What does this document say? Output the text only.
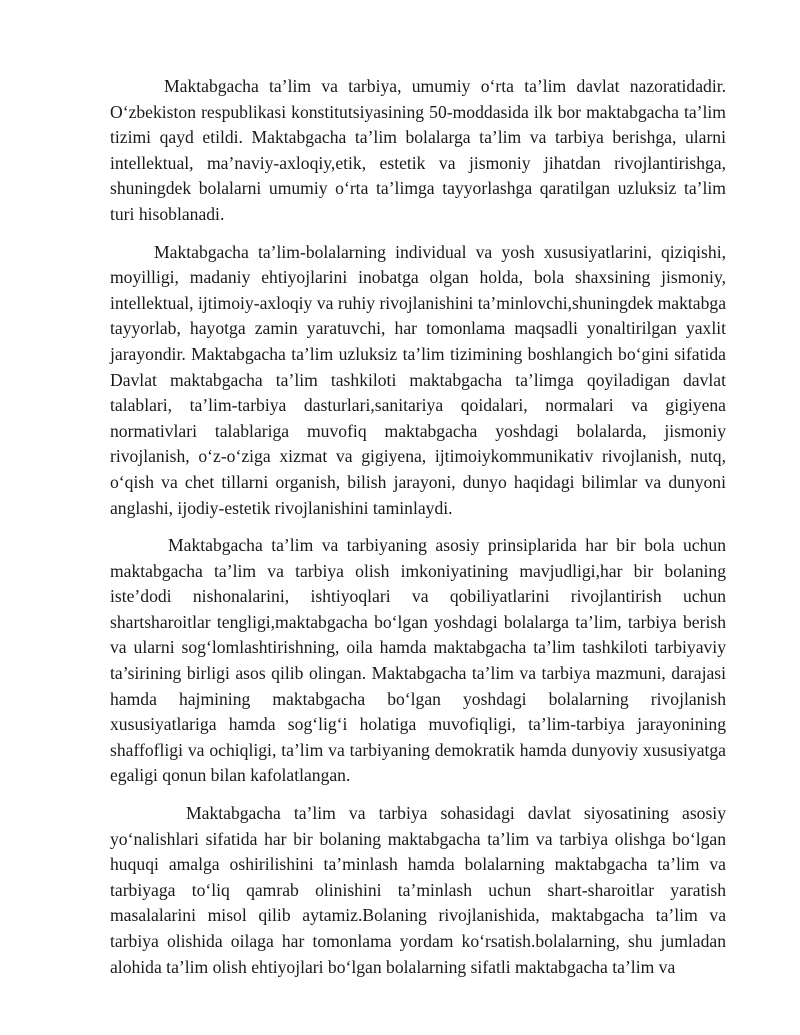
Maktabgacha ta’lim va tarbiya, umumiy o‘rta ta’lim davlat nazoratidadir. O‘zbekiston respublikasi konstitutsiyasining 50-moddasida ilk bor maktabgacha ta’lim tizimi qayd etildi. Maktabgacha ta’lim bolalarga ta’lim va tarbiya berishga, ularni intellektual, ma’naviy-axloqiy,etik, estetik va jismoniy jihatdan rivojlantirishga, shuningdek bolalarni umumiy o‘rta ta’limga tayyorlashga qaratilgan uzluksiz ta’lim turi hisoblanadi.

Maktabgacha ta’lim-bolalarning individual va yosh xususiyatlarini, qiziqishi, moyilligi, madaniy ehtiyojlarini inobatga olgan holda, bola shaxsining jismoniy, intellektual, ijtimoiy-axloqiy va ruhiy rivojlanishini ta’minlovchi,shuningdek maktabga tayyorlab, hayotga zamin yaratuvchi, har tomonlama maqsadli yonaltirilgan yaxlit jarayondir. Maktabgacha ta’lim uzluksiz ta’lim tizimining boshlangich bo‘gini sifatida Davlat maktabgacha ta’lim tashkiloti maktabgacha ta’limga qoyiladigan davlat talablari, ta’lim-tarbiya dasturlari,sanitariya qoidalari, normalari va gigiyena normativlari talablariga muvofiq maktabgacha yoshdagi bolalarda, jismoniy rivojlanish, o‘z-o‘ziga xizmat va gigiyena, ijtimoiykommunikativ rivojlanish, nutq, o‘qish va chet tillarni organish, bilish jarayoni, dunyo haqidagi bilimlar va dunyoni anglashi, ijodiy-estetik rivojlanishini taminlaydi.

Maktabgacha ta’lim va tarbiyaning asosiy prinsiplarida har bir bola uchun maktabgacha ta’lim va tarbiya olish imkoniyatining mavjudligi,har bir bolaning iste’dodi nishonalarini, ishtiyoqlari va qobiliyatlarini rivojlantirish uchun shartsharoitlar tengligi,maktabgacha bo‘lgan yoshdagi bolalarga ta’lim, tarbiya berish va ularni sog‘lomlashtirishning, oila hamda maktabgacha ta’lim tashkiloti tarbiyaviy ta’sirining birligi asos qilib olingan. Maktabgacha ta’lim va tarbiya mazmuni, darajasi hamda hajmining maktabgacha bo‘lgan yoshdagi bolalarning rivojlanish xususiyatlariga hamda sog‘lig‘i holatiga muvofiqligi, ta’lim-tarbiya jarayonining shaffofligi va ochiqligi, ta’lim va tarbiyaning demokratik hamda dunyoviy xususiyatga egaligi qonun bilan kafolatlangan.

Maktabgacha ta’lim va tarbiya sohasidagi davlat siyosatining asosiy yo‘nalishlari sifatida har bir bolaning maktabgacha ta’lim va tarbiya olishga bo‘lgan huquqi amalga oshirilishini ta’minlash hamda bolalarning maktabgacha ta’lim va tarbiyaga to‘liq qamrab olinishini ta’minlash uchun shart-sharoitlar yaratish masalalarini misol qilib aytamiz.Bolaning rivojlanishida, maktabgacha ta’lim va tarbiya olishida oilaga har tomonlama yordam ko‘rsatish.bolalarning, shu jumladan alohida ta’lim olish ehtiyojlari bo‘lgan bolalarning sifatli maktabgacha ta’lim va
